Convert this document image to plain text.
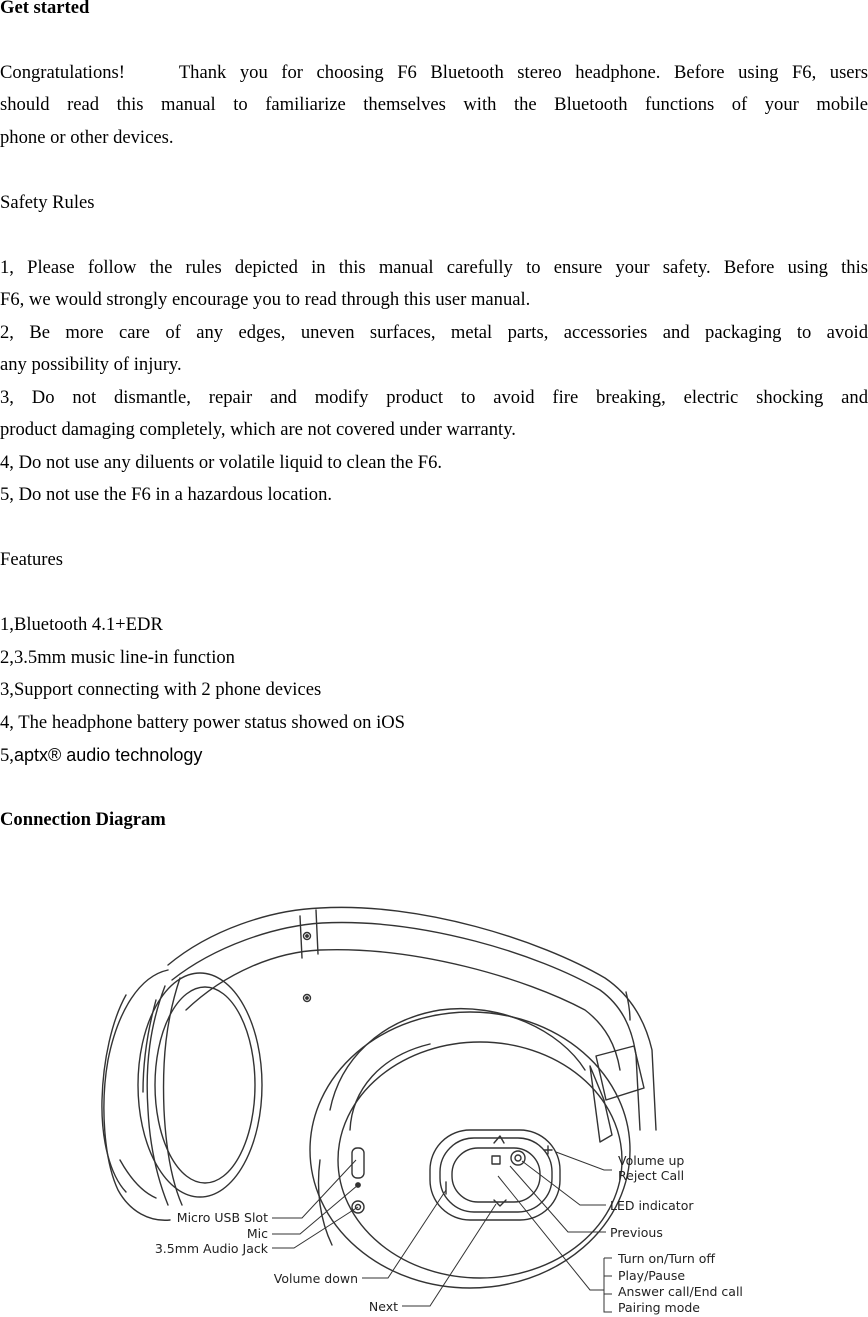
Get started

Congratulations!    Thank you for choosing F6 Bluetooth stereo headphone. Before using F6, users

should read this manual to familiarize themselves with the Bluetooth functions of your mobile

phone or other devices.

Safety Rules

1, Please follow the rules depicted in this manual carefully to ensure your safety. Before using this

F6, we would strongly encourage you to read through this user manual.

2, Be more care of any edges, uneven surfaces, metal parts, accessories and packaging to avoid

any possibility of injury.

3, Do not dismantle, repair and modify product to avoid fire breaking, electric shocking and

product damaging completely, which are not covered under warranty.

4, Do not use any diluents or volatile liquid to clean the F6.

5, Do not use the F6 in a hazardous location.

Features

1,Bluetooth 4.1+EDR

2,3.5mm music line-in function

3,Support connecting with 2 phone devices

4, The headphone battery power status showed on iOS

5,aptx® audio technology

Connection Diagram

Volume up
Reject Call
LED indicator
Previous
Turn on/Turn off
Play/Pause
Answer call/End call
Pairing mode
Micro USB Slot
Mic
3.5mm Audio Jack
Volume down
Next
